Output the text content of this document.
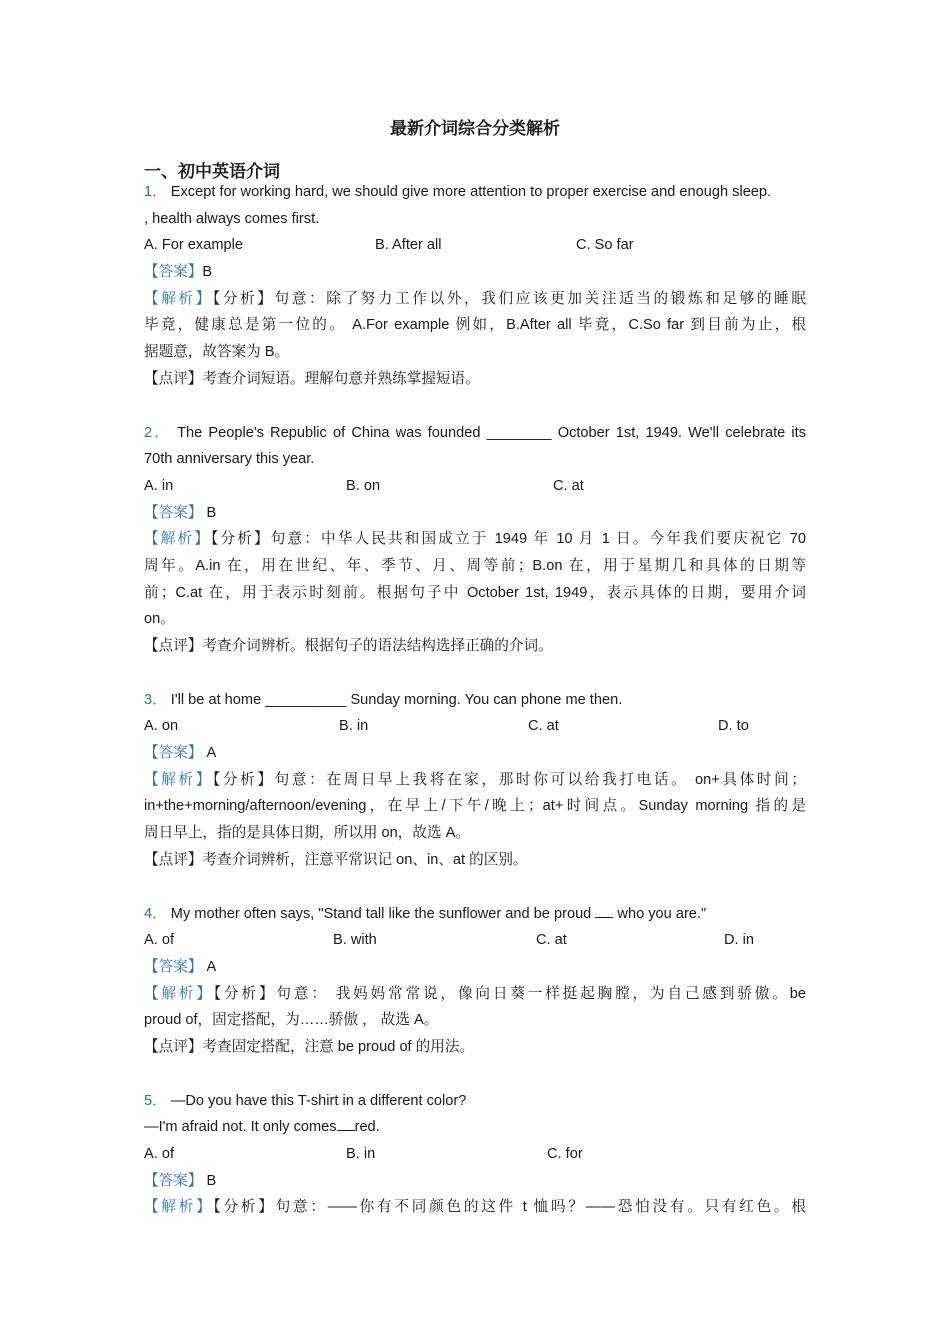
最新介词综合分类解析
一、初中英语介词
1． Except for working hard, we should give more attention to proper exercise and enough sleep.
, health always comes first.
A. For example	B. After all	C. So far
【答案】B
【解析】【分析】句意：除了努力工作以外，我们应该更加关注适当的锻炼和足够的睡眠
毕竟，健康总是第一位的。 A.For example 例如，B.After all 毕竟，C.So far 到目前为止，根
据题意，故答案为 B。
【点评】考查介词短语。理解句意并熟练掌握短语。
2． The People's Republic of China was founded ________ October 1st, 1949. We'll celebrate its
70th anniversary this year.
A. in	B. on	C. at
【答案】 B
【解析】【分析】句意：中华人民共和国成立于 1949 年 10 月 1 日。今年我们要庆祝它 70
周年。A.in 在，用在世纪、年、季节、月、周等前；B.on 在，用于星期几和具体的日期等
前；C.at 在，用于表示时刻前。根据句子中 October 1st, 1949，表示具体的日期，要用介词
on。
【点评】考查介词辨析。根据句子的语法结构选择正确的介词。
3． I'll be at home __________ Sunday morning. You can phone me then.
A. on	B. in	C. at	D. to
【答案】 A
【解析】【分析】句意：在周日早上我将在家，那时你可以给我打电话。 on+具体时间；
in+the+morning/afternoon/evening，在早上/下午/晚上；at+时间点。Sunday morning 指的是
周日早上，指的是具体日期，所以用 on，故选 A。
【点评】考查介词辨析，注意平常识记 on、in、at 的区别。
4． My mother often says, "Stand tall like the sunflower and be proud  who you are."
A. of	B. with	C. at	D. in
【答案】 A
【解析】【分析】句意： 我妈妈常常说，像向日葵一样挺起胸膛，为自己感到骄傲。be
proud of，固定搭配，为……骄傲 ， 故选 A。
【点评】考查固定搭配，注意 be proud of 的用法。
5． —Do you have this T-shirt in a different color?
—I'm afraid not. It only comes red.
A. of	B. in	C. for
【答案】 B
【解析】【分析】句意：——你有不同颜色的这件 t 恤吗？——恐怕没有。只有红色。根
